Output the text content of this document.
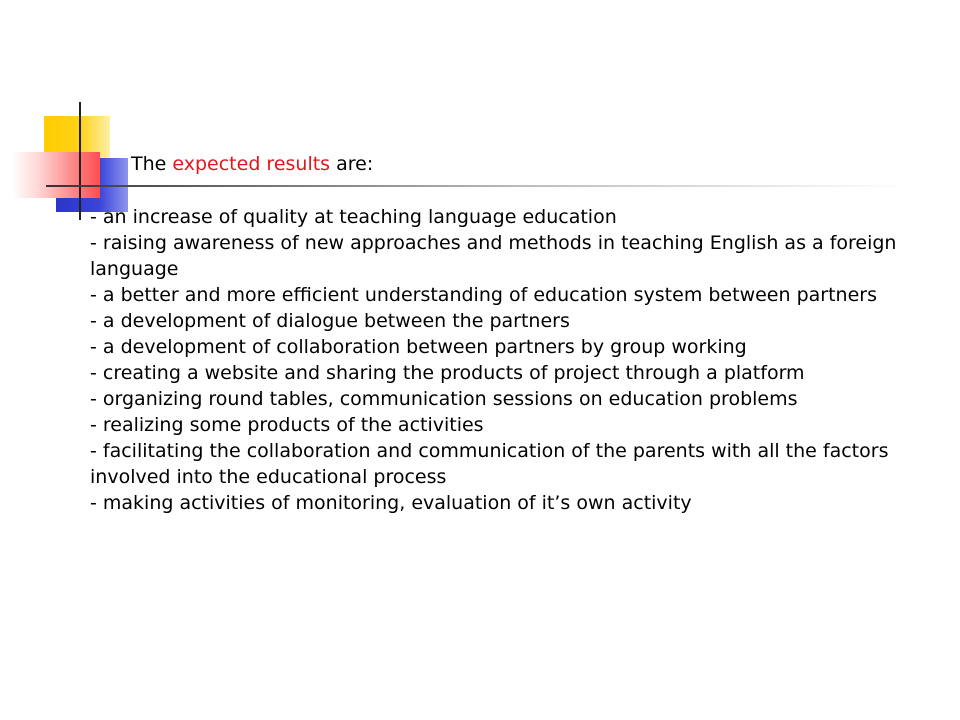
The expected results are:
- an increase of quality at teaching language education
- raising awareness of new approaches and methods in teaching English as a foreign language
- a better and more efficient understanding of education system between partners
- a development of dialogue between the partners
- a development of collaboration between partners by group working
- creating a website and sharing the products of project through a platform
- organizing round tables, communication sessions on education problems
- realizing some products of the activities
- facilitating the collaboration and communication of the parents with all the factors involved into the educational process
- making activities of monitoring, evaluation of it’s own activity
